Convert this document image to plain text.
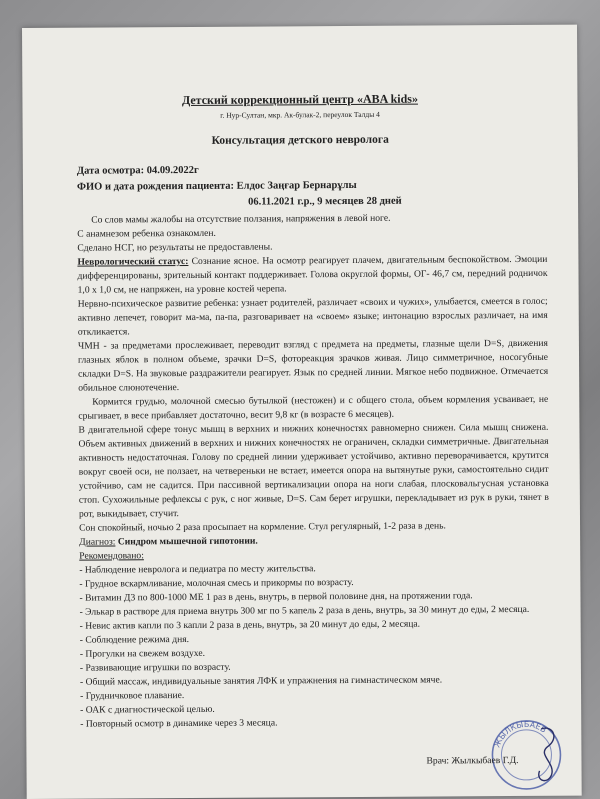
Детский коррекционный центр «ABA kids»
г. Нур-Султан, мкр. Ак-булак-2, переулок Талды 4
Консультация детского невролога
Дата осмотра: 04.09.2022г
ФИО и дата рождения пациента: Елдос Заңғар Бернарұлы
06.11.2021 г.р., 9 месяцев 28 дней

Со слов мамы жалобы на отсутствие ползания, напряжения в левой ноге.

С анамнезом ребенка ознакомлен.

Сделано НСГ, но результаты не предоставлены.

Неврологический статус: Сознание ясное. На осмотр реагирует плачем, двигательным беспокойством. Эмоции дифференцированы, зрительный контакт поддерживает. Голова округлой формы, ОГ- 46,7 см, передний родничок 1,0 х 1,0 см, не напряжен, на уровне костей черепа.

Нервно-психическое развитие ребенка: узнает родителей, различает «своих и чужих», улыбается, смеется в голос; активно лепечет, говорит ма-ма, па-па, разговаривает на «своем» языке; интонацию взрослых различает, на имя откликается.

ЧМН - за предметами прослеживает, переводит взгляд с предмета на предметы, глазные щели D=S, движения глазных яблок в полном объеме, зрачки D=S, фотореакция зрачков живая. Лицо симметричное, носогубные складки D=S. На звуковые раздражители реагирует. Язык по средней линии. Мягкое небо подвижное. Отмечается обильное слюнотечение.

Кормится грудью, молочной смесью бутылкой (нестожен) и с общего стола, объем кормления усваивает, не срыгивает, в весе прибавляет достаточно, весит 9,8 кг (в возрасте 6 месяцев).

В двигательной сфере тонус мышц в верхних и нижних конечностях равномерно снижен. Сила мышц снижена. Объем активных движений в верхних и нижних конечностях не ограничен, складки симметричные. Двигательная активность недостаточная. Голову по средней линии удерживает устойчиво, активно переворачивается, крутится вокруг своей оси, не ползает, на четвереньки не встает, имеется опора на вытянутые руки, самостоятельно сидит устойчиво, сам не садится. При пассивной вертикализации опора на ноги слабая, плосковальгусная установка стоп. Сухожильные рефлексы с рук, с ног живые, D=S. Сам берет игрушки, перекладывает из рук в руки, тянет в рот, выкидывает, стучит.

Сон спокойный, ночью 2 раза просыпает на кормление. Стул регулярный, 1-2 раза в день.

Диагноз: Синдром мышечной гипотонии.

Рекомендовано:

- Наблюдение невролога и педиатра по месту жительства.

- Грудное вскармливание, молочная смесь и прикормы по возрасту.

- Витамин Д3 по 800-1000 МЕ 1 раз в день, внутрь, в первой половине дня, на протяжении года.

- Элькар в растворе для приема внутрь 300 мг по 5 капель 2 раза в день, внутрь, за 30 минут до еды, 2 месяца.

- Невис актив капли по 3 капли 2 раза в день, внутрь, за 20 минут до еды, 2 месяца.

- Соблюдение режима дня.

- Прогулки на свежем воздухе.

- Развивающие игрушки по возрасту.

- Общий массаж, индивидуальные занятия ЛФК и упражнения на гимнастическом мяче.

- Грудничковое плавание.

- ОАК с диагностической целью.

- Повторный осмотр в динамике через 3 месяца.

ЖЫЛКЫБАЕВ
Врач: Жылкыбаев Г.Д.
